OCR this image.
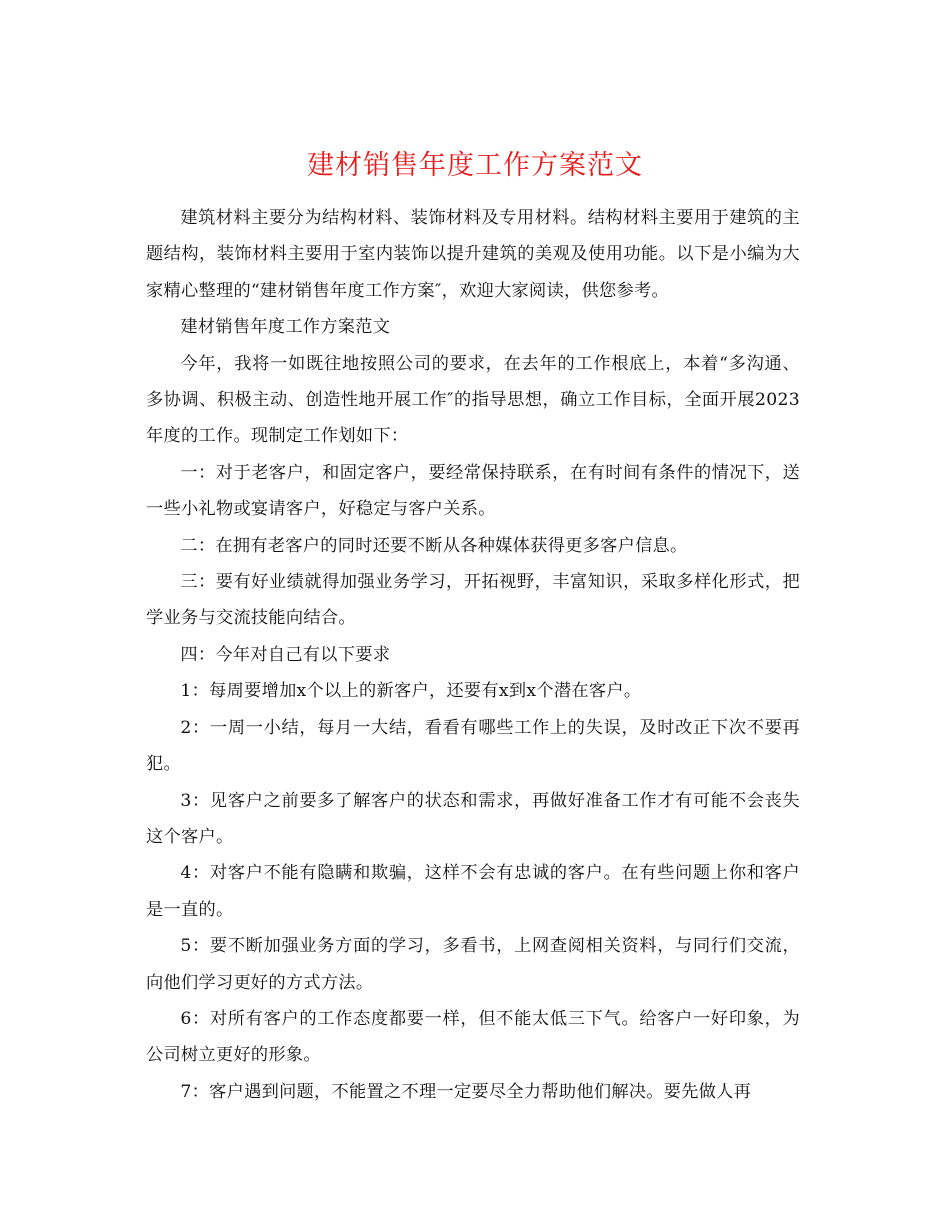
建材销售年度工作方案范文

建筑材料主要分为结构材料、装饰材料及专用材料。结构材料主要用于建筑的主题结构，装饰材料主要用于室内装饰以提升建筑的美观及使用功能。以下是小编为大家精心整理的“建材销售年度工作方案″，欢迎大家阅读，供您参考。

建材销售年度工作方案范文

今年，我将一如既往地按照公司的要求，在去年的工作根底上，本着“多沟通、多协调、积极主动、创造性地开展工作″的指导思想，确立工作目标，全面开展2023年度的工作。现制定工作划如下：

一：对于老客户，和固定客户，要经常保持联系，在有时间有条件的情况下，送一些小礼物或宴请客户，好稳定与客户关系。

二：在拥有老客户的同时还要不断从各种媒体获得更多客户信息。

三：要有好业绩就得加强业务学习，开拓视野，丰富知识，采取多样化形式，把学业务与交流技能向结合。

四：今年对自己有以下要求

1：每周要增加x个以上的新客户，还要有x到x个潜在客户。

2：一周一小结，每月一大结，看看有哪些工作上的失误，及时改正下次不要再犯。

3：见客户之前要多了解客户的状态和需求，再做好准备工作才有可能不会丧失这个客户。

4：对客户不能有隐瞒和欺骗，这样不会有忠诚的客户。在有些问题上你和客户是一直的。

5：要不断加强业务方面的学习，多看书，上网查阅相关资料，与同行们交流，向他们学习更好的方式方法。

6：对所有客户的工作态度都要一样，但不能太低三下气。给客户一好印象，为公司树立更好的形象。

7：客户遇到问题，不能置之不理一定要尽全力帮助他们解决。要先做人再
